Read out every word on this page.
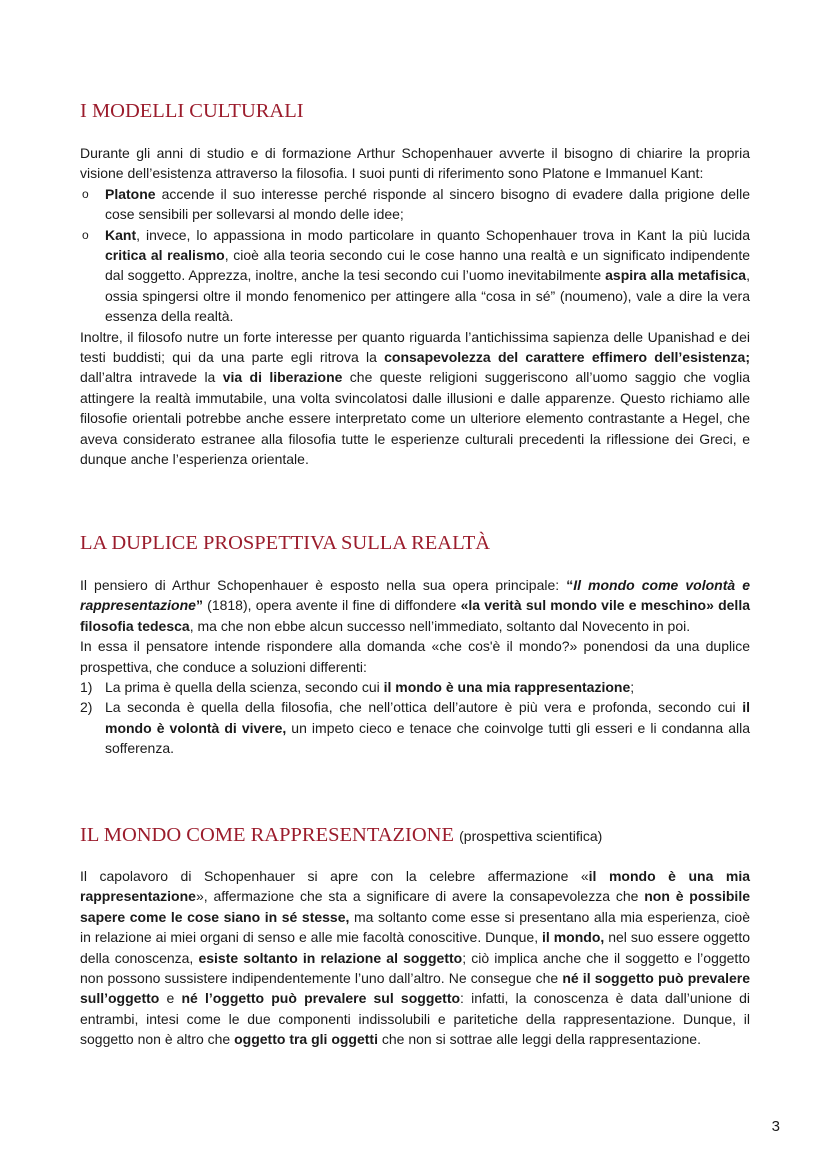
I MODELLI CULTURALI

Durante gli anni di studio e di formazione Arthur Schopenhauer avverte il bisogno di chiarire la propria visione dell’esistenza attraverso la filosofia. I suoi punti di riferimento sono Platone e Immanuel Kant:

o Platone accende il suo interesse perché risponde al sincero bisogno di evadere dalla prigione delle cose sensibili per sollevarsi al mondo delle idee;
o Kant, invece, lo appassiona in modo particolare in quanto Schopenhauer trova in Kant la più lucida critica al realismo, cioè alla teoria secondo cui le cose hanno una realtà e un significato indipendente dal soggetto. Apprezza, inoltre, anche la tesi secondo cui l’uomo inevitabilmente aspira alla metafisica, ossia spingersi oltre il mondo fenomenico per attingere alla “cosa in sé” (noumeno), vale a dire la vera essenza della realtà.

Inoltre, il filosofo nutre un forte interesse per quanto riguarda l’antichissima sapienza delle Upanishad e dei testi buddisti; qui da una parte egli ritrova la consapevolezza del carattere effimero dell’esistenza; dall’altra intravede la via di liberazione che queste religioni suggeriscono all’uomo saggio che voglia attingere la realtà immutabile, una volta svincolatosi dalle illusioni e dalle apparenze. Questo richiamo alle filosofie orientali potrebbe anche essere interpretato come un ulteriore elemento contrastante a Hegel, che aveva considerato estranee alla filosofia tutte le esperienze culturali precedenti la riflessione dei Greci, e dunque anche l’esperienza orientale.

LA DUPLICE PROSPETTIVA SULLA REALTÀ

Il pensiero di Arthur Schopenhauer è esposto nella sua opera principale: “Il mondo come volontà e rappresentazione” (1818), opera avente il fine di diffondere «la verità sul mondo vile e meschino» della filosofia tedesca, ma che non ebbe alcun successo nell’immediato, soltanto dal Novecento in poi.

In essa il pensatore intende rispondere alla domanda «che cos'è il mondo?» ponendosi da una duplice prospettiva, che conduce a soluzioni differenti:

1) La prima è quella della scienza, secondo cui il mondo è una mia rappresentazione;
2) La seconda è quella della filosofia, che nell’ottica dell’autore è più vera e profonda, secondo cui il mondo è volontà di vivere, un impeto cieco e tenace che coinvolge tutti gli esseri e li condanna alla sofferenza.
IL MONDO COME RAPPRESENTAZIONE (prospettiva scientifica)

Il capolavoro di Schopenhauer si apre con la celebre affermazione «il mondo è una mia rappresentazione», affermazione che sta a significare di avere la consapevolezza che non è possibile sapere come le cose siano in sé stesse, ma soltanto come esse si presentano alla mia esperienza, cioè in relazione ai miei organi di senso e alle mie facoltà conoscitive. Dunque, il mondo, nel suo essere oggetto della conoscenza, esiste soltanto in relazione al soggetto; ciò implica anche che il soggetto e l’oggetto non possono sussistere indipendentemente l’uno dall’altro. Ne consegue che né il soggetto può prevalere sull’oggetto e né l’oggetto può prevalere sul soggetto: infatti, la conoscenza è data dall’unione di entrambi, intesi come le due componenti indissolubili e paritetiche della rappresentazione. Dunque, il soggetto non è altro che oggetto tra gli oggetti che non si sottrae alle leggi della rappresentazione.

3
